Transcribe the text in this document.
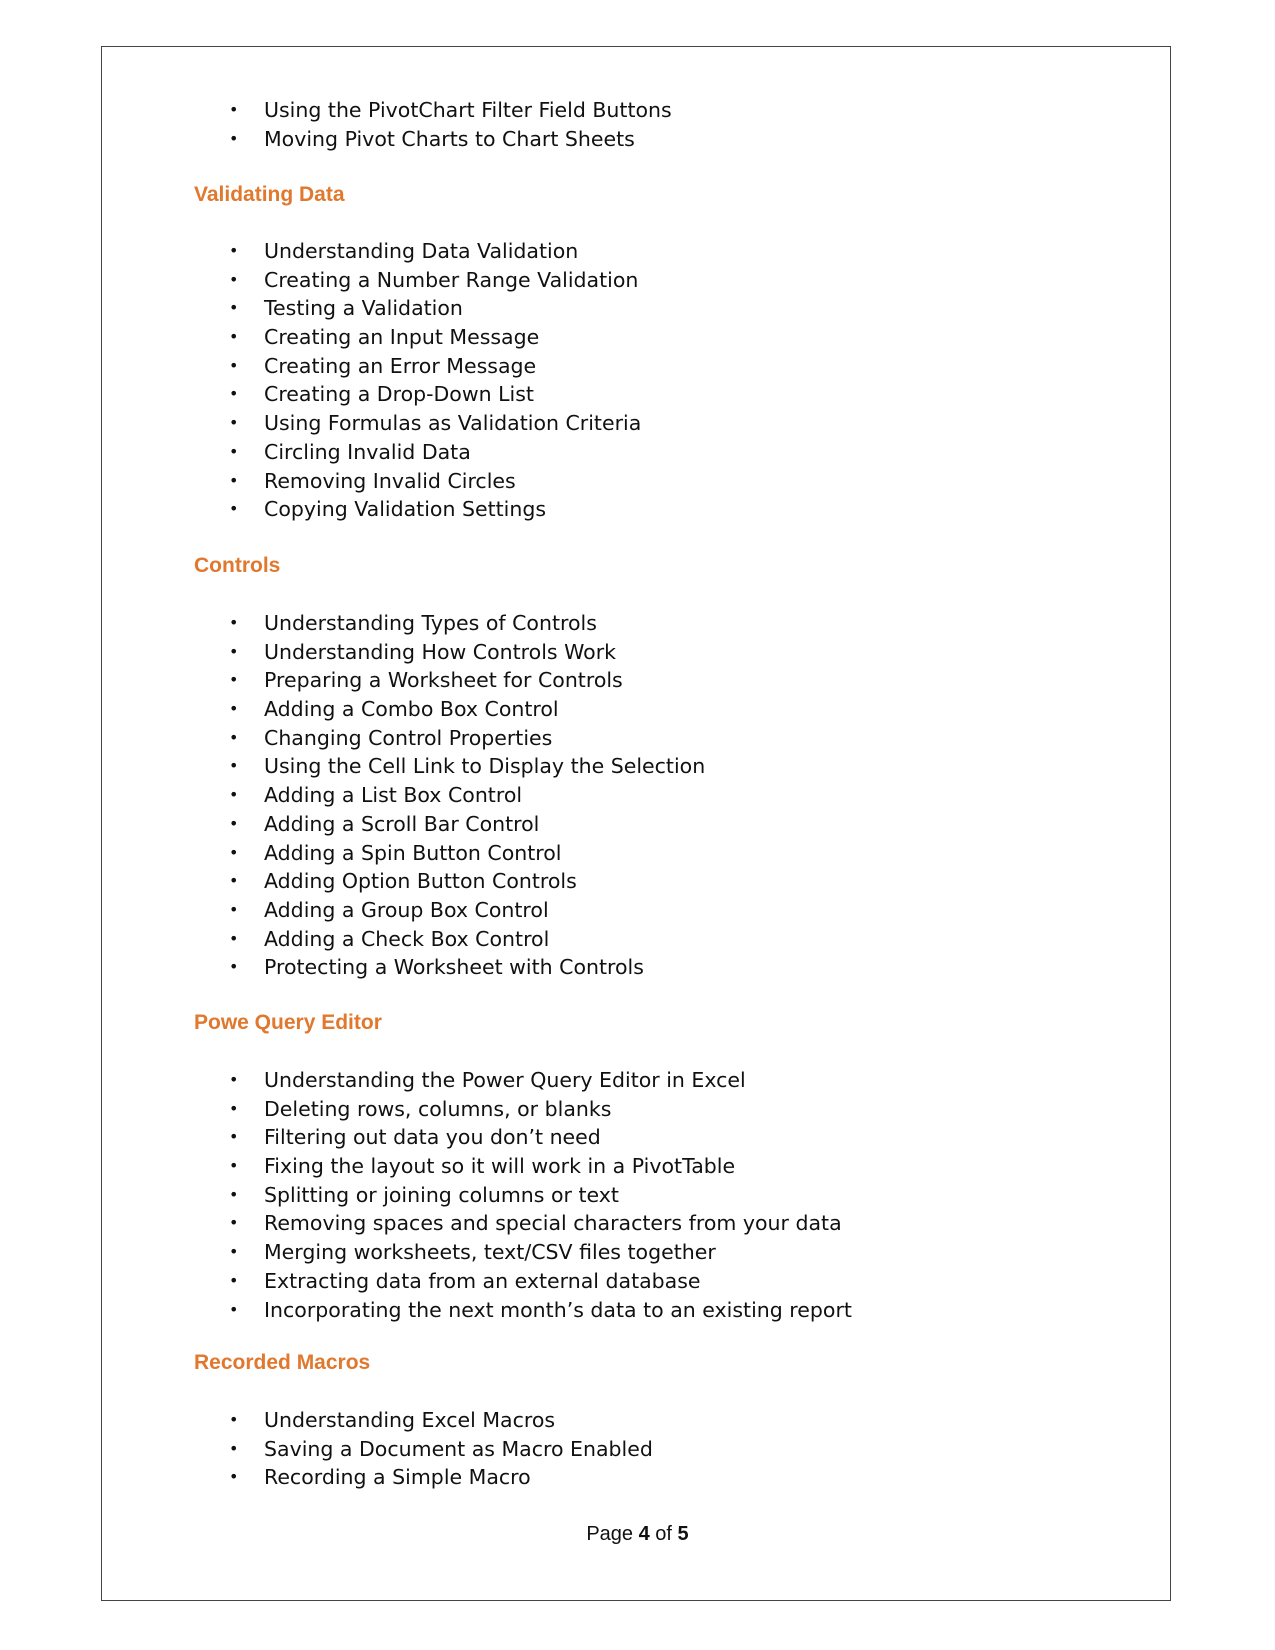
• Using the PivotChart Filter Field Buttons
• Moving Pivot Charts to Chart Sheets
Validating Data
• Understanding Data Validation
• Creating a Number Range Validation
• Testing a Validation
• Creating an Input Message
• Creating an Error Message
• Creating a Drop-Down List
• Using Formulas as Validation Criteria
• Circling Invalid Data
• Removing Invalid Circles
• Copying Validation Settings
Controls
• Understanding Types of Controls
• Understanding How Controls Work
• Preparing a Worksheet for Controls
• Adding a Combo Box Control
• Changing Control Properties
• Using the Cell Link to Display the Selection
• Adding a List Box Control
• Adding a Scroll Bar Control
• Adding a Spin Button Control
• Adding Option Button Controls
• Adding a Group Box Control
• Adding a Check Box Control
• Protecting a Worksheet with Controls
Powe Query Editor
• Understanding the Power Query Editor in Excel
• Deleting rows, columns, or blanks
• Filtering out data you don’t need
• Fixing the layout so it will work in a PivotTable
• Splitting or joining columns or text
• Removing spaces and special characters from your data
• Merging worksheets, text/CSV files together
• Extracting data from an external database
• Incorporating the next month’s data to an existing report
Recorded Macros
• Understanding Excel Macros
• Saving a Document as Macro Enabled
• Recording a Simple Macro
Page 4 of 5
